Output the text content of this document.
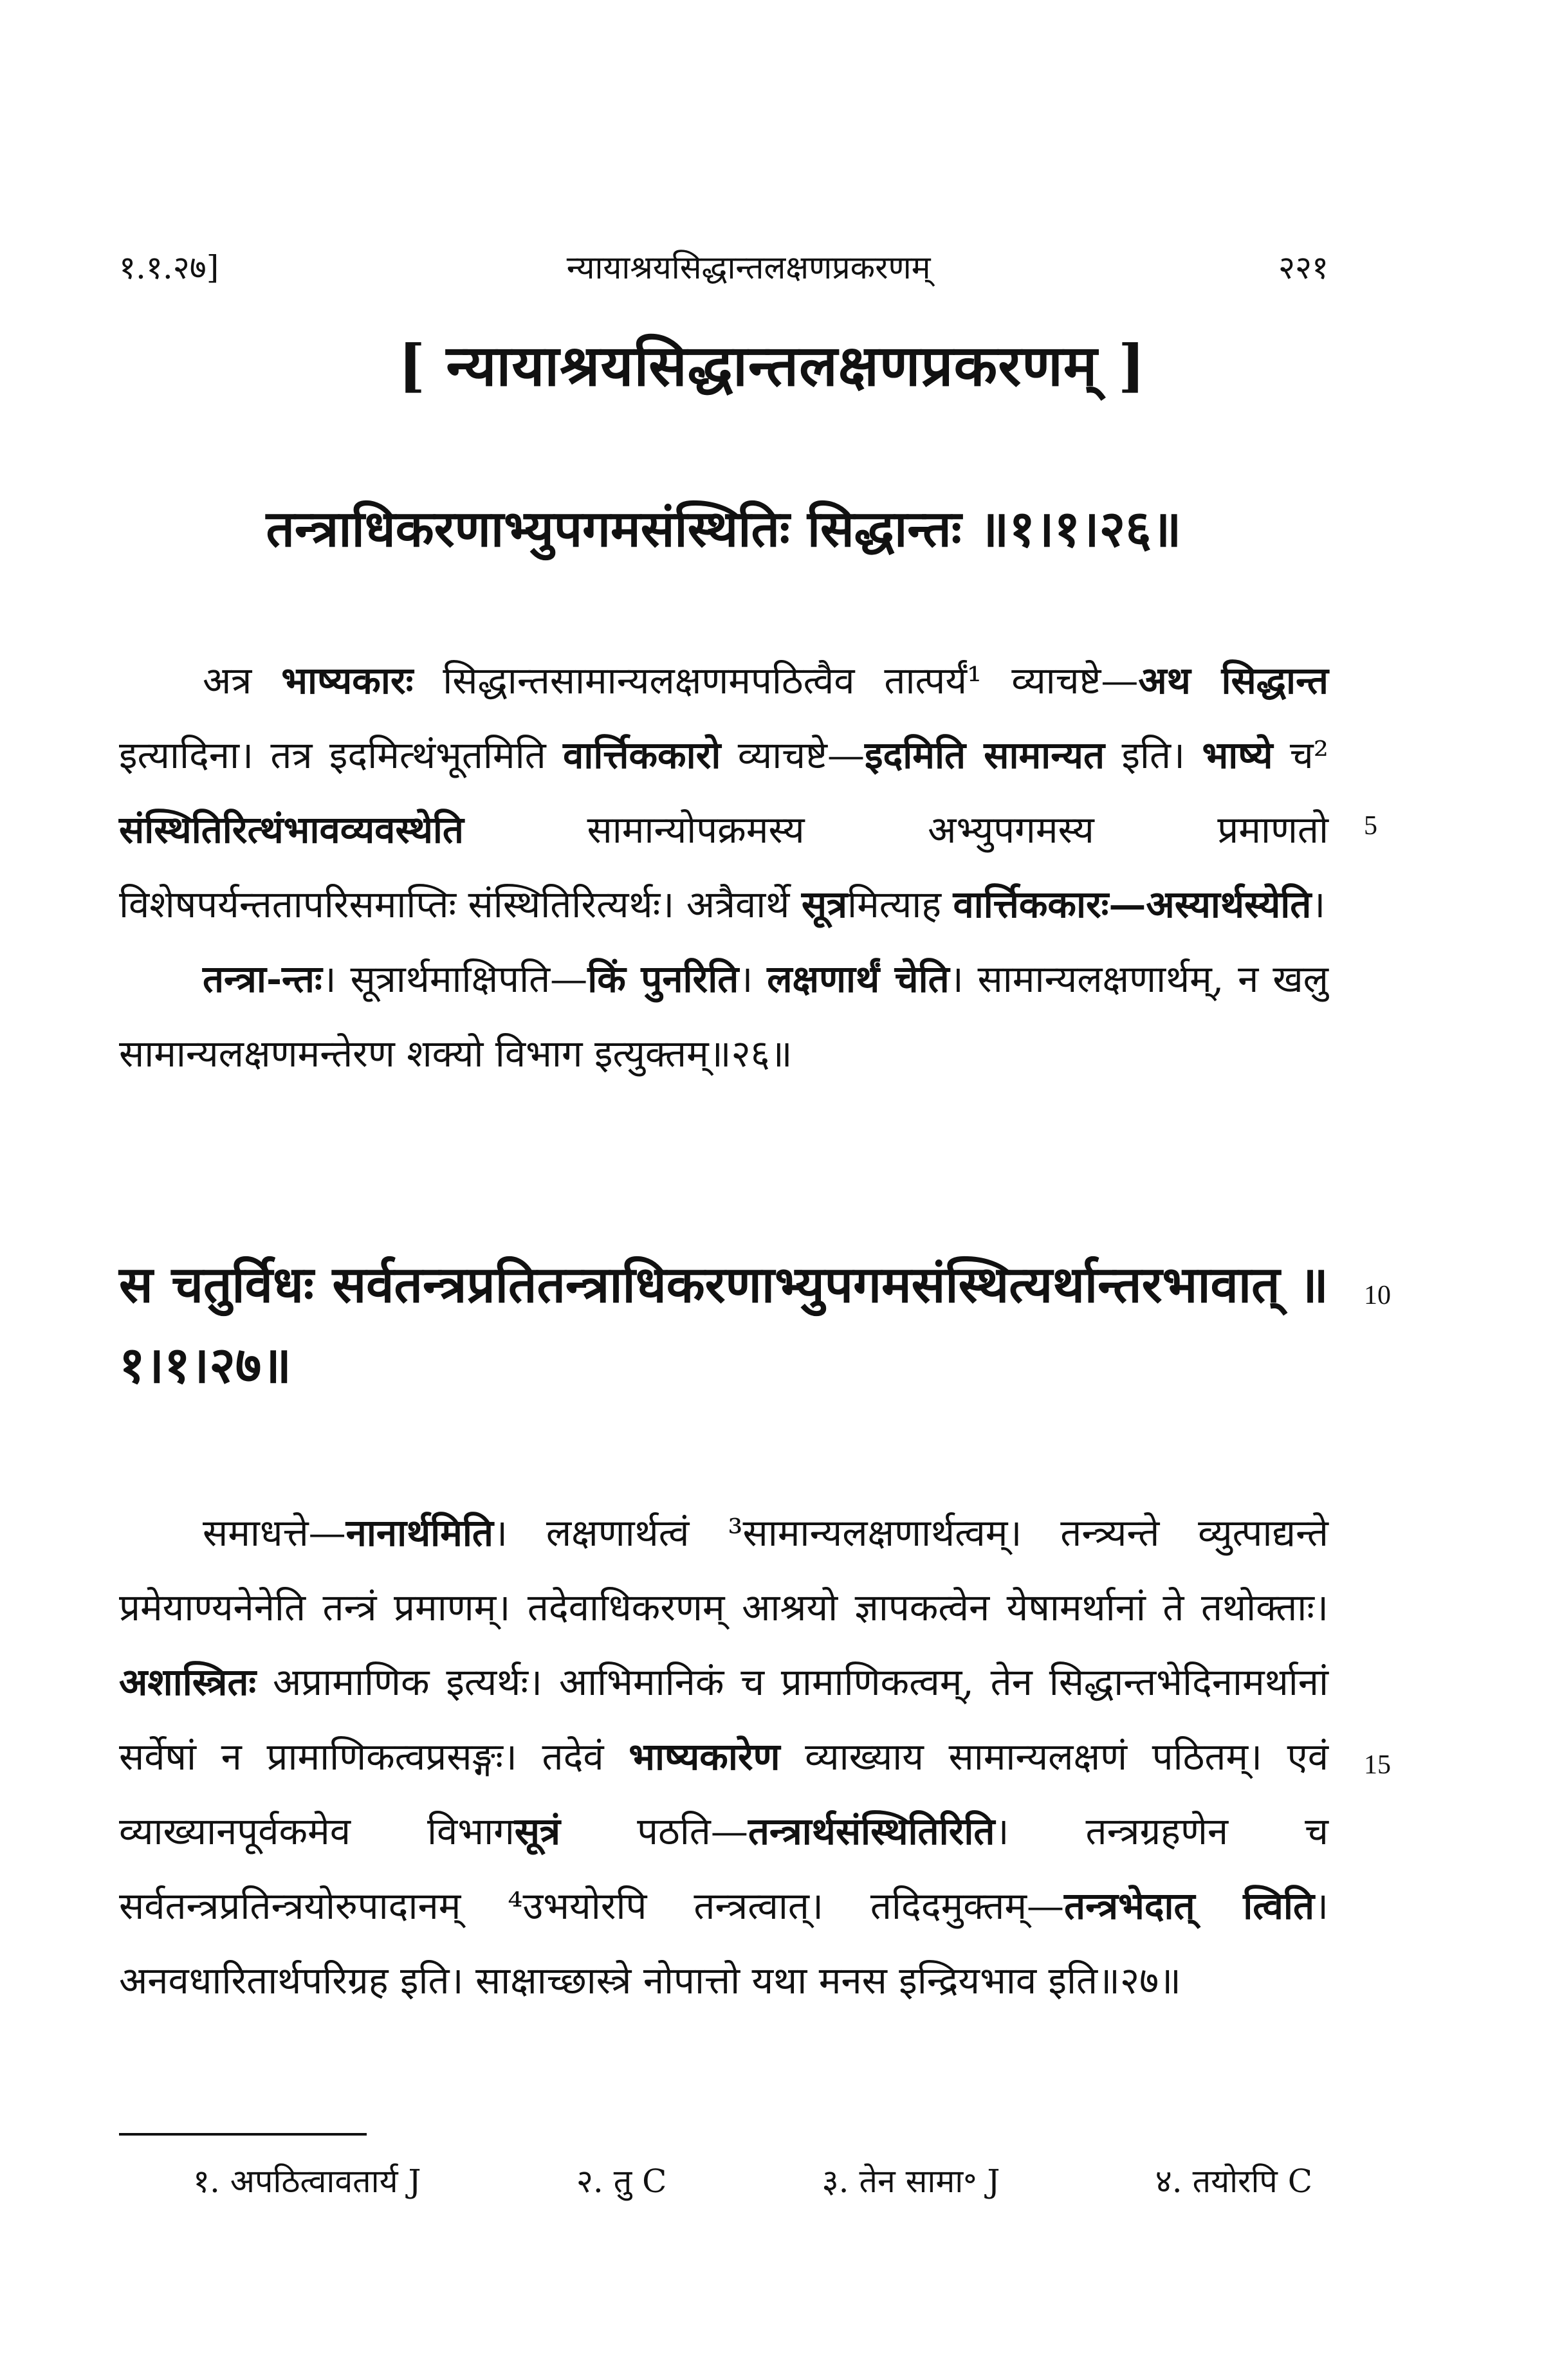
१.१.२७]	न्यायाश्रयसिद्धान्तलक्षणप्रकरणम्	२२१
[ न्यायाश्रयसिद्धान्तलक्षणप्रकरणम् ]
तन्त्राधिकरणाभ्युपगमसंस्थितिः सिद्धान्तः ॥१।१।२६॥

अत्र भाष्यकारः सिद्धान्तसामान्यलक्षणमपठित्वैव तात्पर्यं¹ व्याचष्टे—अथ सिद्धान्त इत्यादिना। तत्र इदमित्थंभूतमिति वार्त्तिककारो व्याचष्टे—इदमिति सामान्यत इति। भाष्ये च² संस्थितिरित्थंभावव्यवस्थेति सामान्योपक्रमस्य अभ्युपगमस्य प्रमाणतो विशेषपर्यन्ततापरिसमाप्तिः संस्थितिरित्यर्थः। अत्रैवार्थे सूत्रमित्याह वार्त्तिककारः—अस्यार्थस्येति।

तन्त्रा-न्तः। सूत्रार्थमाक्षिपति—किं पुनरिति। लक्षणार्थं चेति। सामान्यलक्षणार्थम्, न खलु सामान्यलक्षणमन्तेरण शक्यो विभाग इत्युक्तम्॥२६॥

स चतुर्विधः सर्वतन्त्रप्रतितन्त्राधिकरणाभ्युपगमसंस्थित्यर्थान्तरभावात् ॥१।१।२७॥

समाधत्ते—नानार्थमिति। लक्षणार्थत्वं ³सामान्यलक्षणार्थत्वम्। तन्त्र्यन्ते व्युत्पाद्यन्ते प्रमेयाण्यनेनेति तन्त्रं प्रमाणम्। तदेवाधिकरणम् आश्रयो ज्ञापकत्वेन येषामर्थानां ते तथोक्ताः। अशास्त्रितः अप्रामाणिक इत्यर्थः। आभिमानिकं च प्रामाणिकत्वम्, तेन सिद्धान्तभेदिनामर्थानां सर्वेषां न प्रामाणिकत्वप्रसङ्गः। तदेवं भाष्यकारेण व्याख्याय सामान्यलक्षणं पठितम्। एवं व्याख्यानपूर्वकमेव विभागसूत्रं पठति—तन्त्रार्थसंस्थितिरिति। तन्त्रग्रहणेन च सर्वतन्त्रप्रतिन्त्रयोरुपादानम् ⁴उभयोरपि तन्त्रत्वात्। तदिदमुक्तम्—तन्त्रभेदात् त्विति। अनवधारितार्थपरिग्रह इति। साक्षाच्छास्त्रे नोपात्तो यथा मनस इन्द्रियभाव इति॥२७॥

5
10
15
१. अपठित्वावतार्य J	२. तु C	३. तेन सामा॰ J	४. तयोरपि C
